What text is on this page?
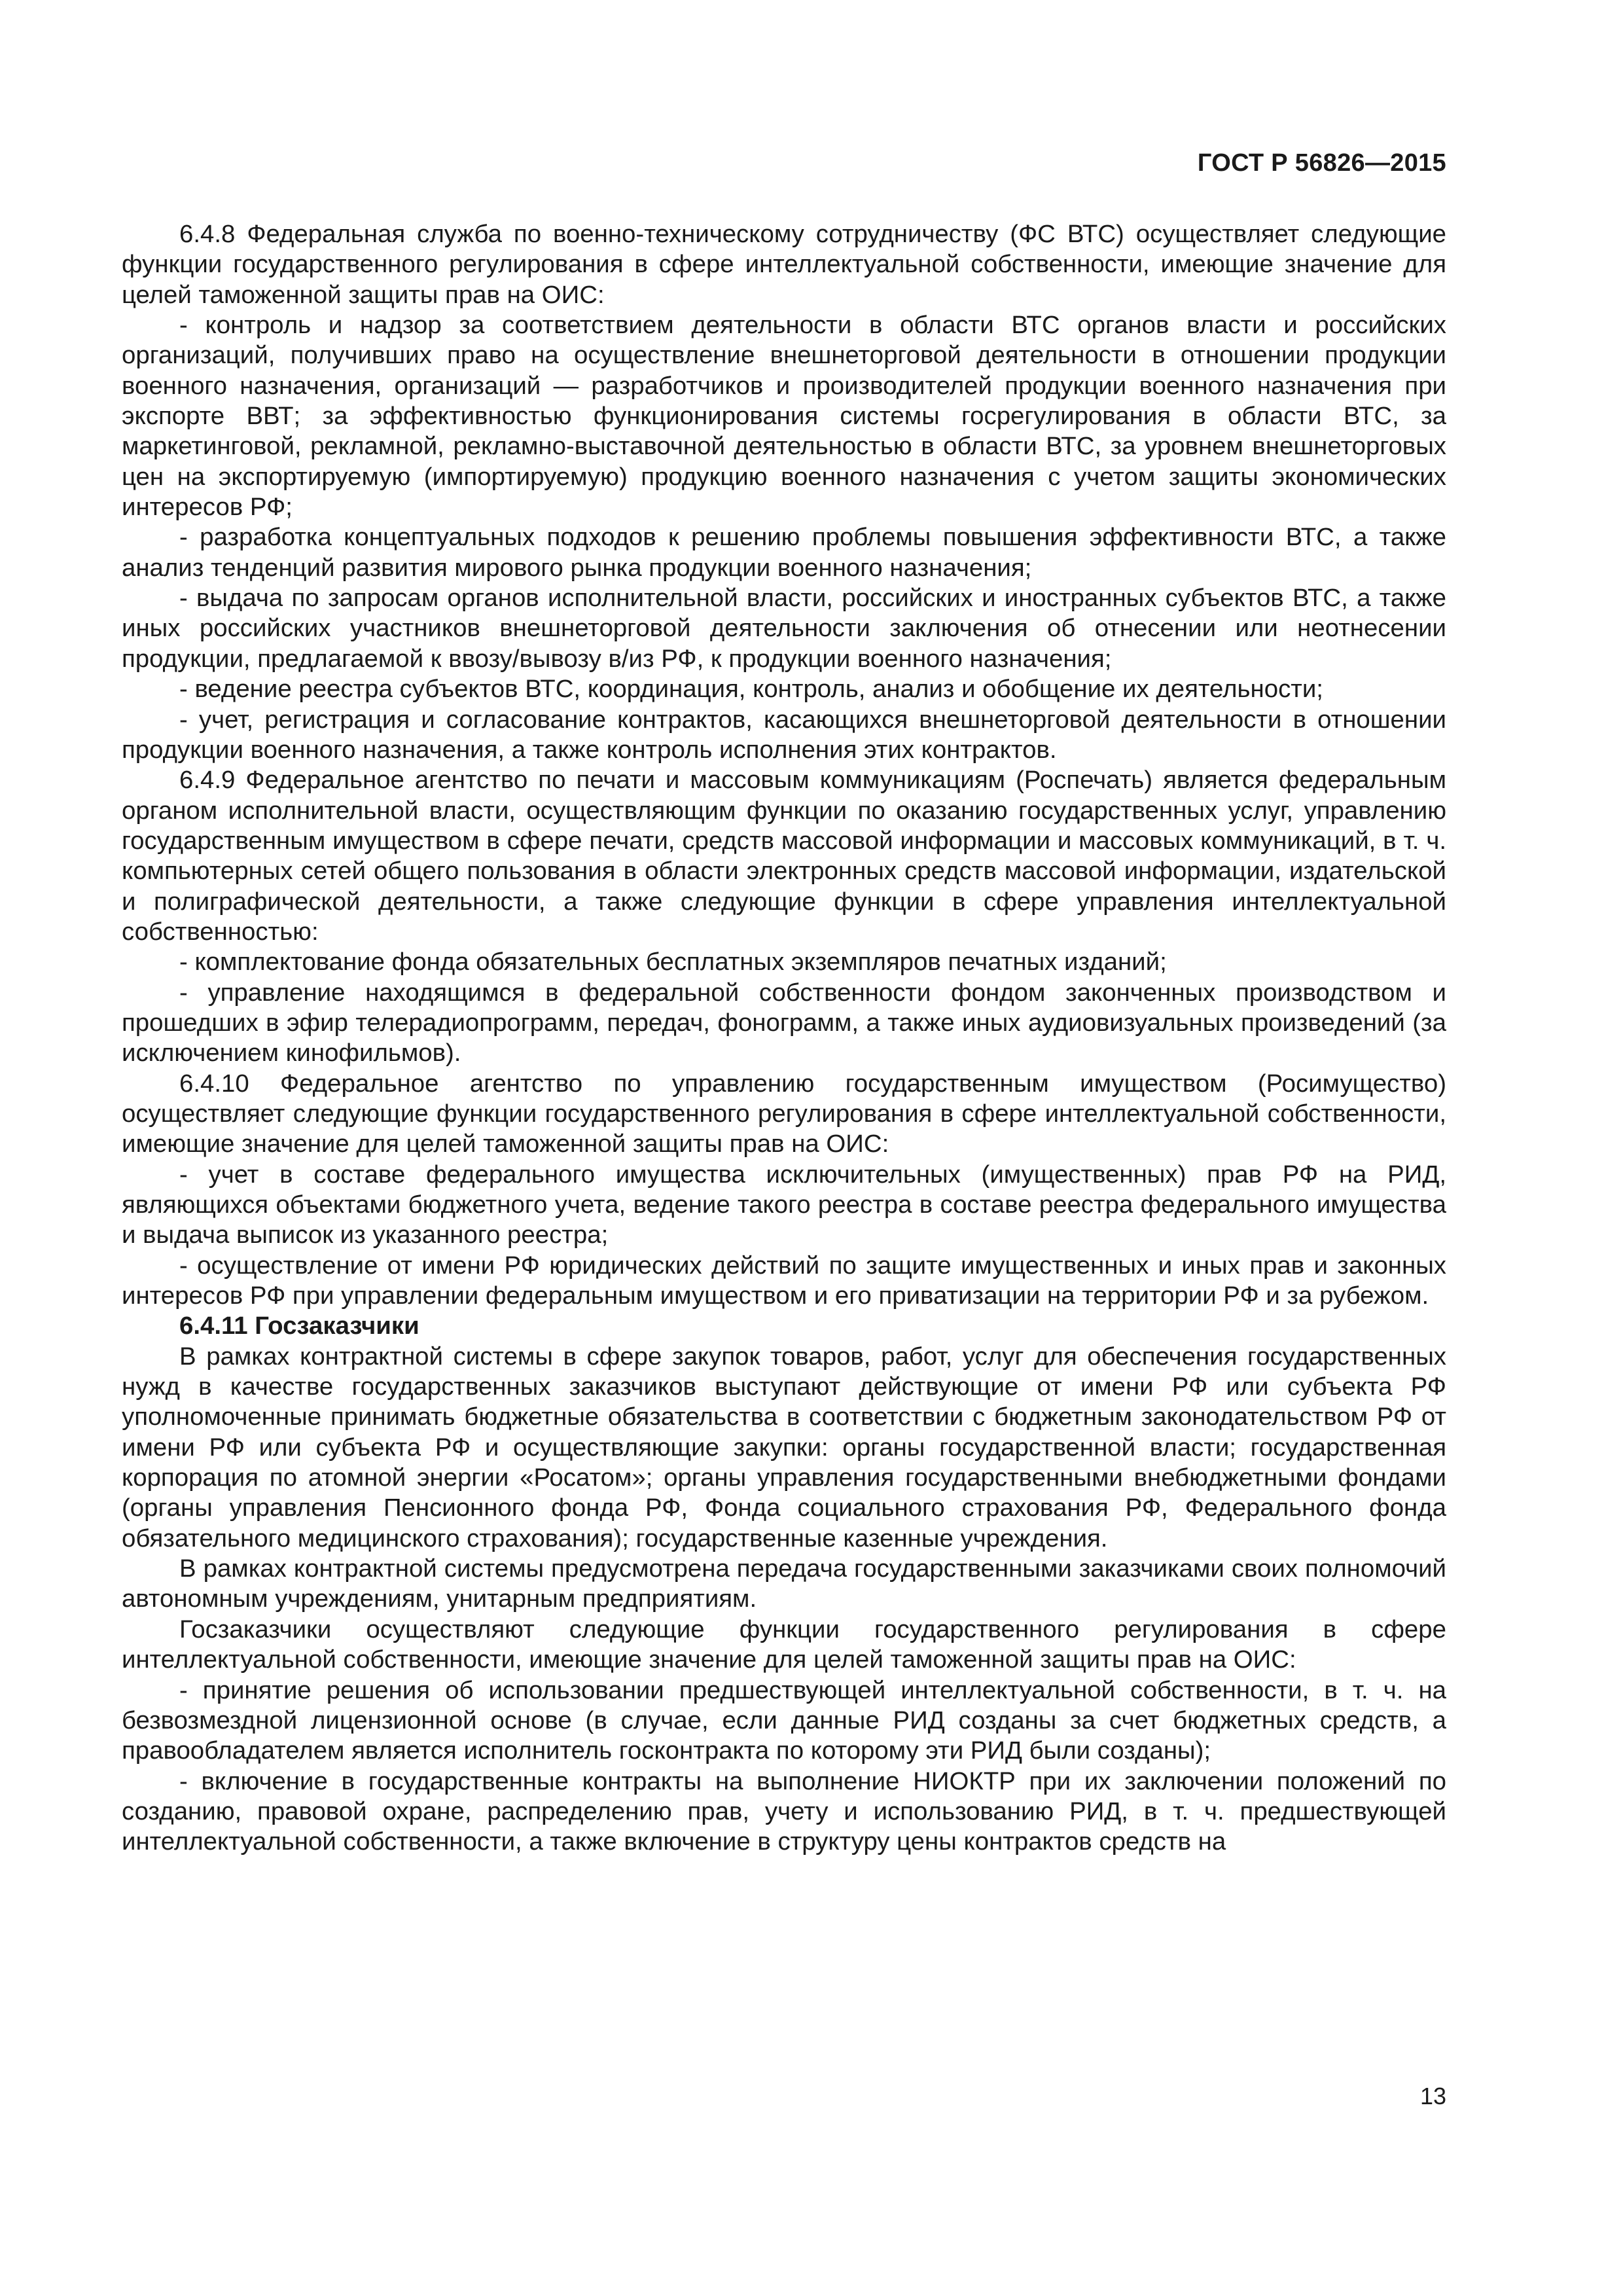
ГОСТ Р 56826—2015

6.4.8 Федеральная служба по военно-техническому сотрудничеству (ФС ВТС) осуществляет следующие функции государственного регулирования в сфере интеллектуальной собственности, имеющие значение для целей таможенной защиты прав на ОИС:

- контроль и надзор за соответствием деятельности в области ВТС органов власти и российских организаций, получивших право на осуществление внешнеторговой деятельности в отношении продукции военного назначения, организаций — разработчиков и производителей продукции военного назначения при экспорте ВВТ; за эффективностью функционирования системы госрегулирования в области ВТС, за маркетинговой, рекламной, рекламно-выставочной деятельностью в области ВТС, за уровнем внешнеторговых цен на экспортируемую (импортируемую) продукцию военного назначения с учетом защиты экономических интересов РФ;

- разработка концептуальных подходов к решению проблемы повышения эффективности ВТС, а также анализ тенденций развития мирового рынка продукции военного назначения;

- выдача по запросам органов исполнительной власти, российских и иностранных субъектов ВТС, а также иных российских участников внешнеторговой деятельности заключения об отнесении или неотнесении продукции, предлагаемой к ввозу/вывозу в/из РФ, к продукции военного назначения;

- ведение реестра субъектов ВТС, координация, контроль, анализ и обобщение их деятельности;

- учет, регистрация и согласование контрактов, касающихся внешнеторговой деятельности в отношении продукции военного назначения, а также контроль исполнения этих контрактов.

6.4.9 Федеральное агентство по печати и массовым коммуникациям (Роспечать) является федеральным органом исполнительной власти, осуществляющим функции по оказанию государственных услуг, управлению государственным имуществом в сфере печати, средств массовой информации и массовых коммуникаций, в т. ч. компьютерных сетей общего пользования в области электронных средств массовой информации, издательской и полиграфической деятельности, а также следующие функции в сфере управления интеллектуальной собственностью:

- комплектование фонда обязательных бесплатных экземпляров печатных изданий;

- управление находящимся в федеральной собственности фондом законченных производством и прошедших в эфир телерадиопрограмм, передач, фонограмм, а также иных аудиовизуальных произведений (за исключением кинофильмов).

6.4.10 Федеральное агентство по управлению государственным имуществом (Росимущество) осуществляет следующие функции государственного регулирования в сфере интеллектуальной собственности, имеющие значение для целей таможенной защиты прав на ОИС:

- учет в составе федерального имущества исключительных (имущественных) прав РФ на РИД, являющихся объектами бюджетного учета, ведение такого реестра в составе реестра федерального имущества и выдача выписок из указанного реестра;

- осуществление от имени РФ юридических действий по защите имущественных и иных прав и законных интересов РФ при управлении федеральным имуществом и его приватизации на территории РФ и за рубежом.

6.4.11 Госзаказчики

В рамках контрактной системы в сфере закупок товаров, работ, услуг для обеспечения государственных нужд в качестве государственных заказчиков выступают действующие от имени РФ или субъекта РФ уполномоченные принимать бюджетные обязательства в соответствии с бюджетным законодательством РФ от имени РФ или субъекта РФ и осуществляющие закупки: органы государственной власти; государственная корпорация по атомной энергии «Росатом»; органы управления государственными внебюджетными фондами (органы управления Пенсионного фонда РФ, Фонда социального страхования РФ, Федерального фонда обязательного медицинского страхования); государственные казенные учреждения.

В рамках контрактной системы предусмотрена передача государственными заказчиками своих полномочий автономным учреждениям, унитарным предприятиям.

Госзаказчики осуществляют следующие функции государственного регулирования в сфере интеллектуальной собственности, имеющие значение для целей таможенной защиты прав на ОИС:

- принятие решения об использовании предшествующей интеллектуальной собственности, в т. ч. на безвозмездной лицензионной основе (в случае, если данные РИД созданы за счет бюджетных средств, а правообладателем является исполнитель госконтракта по которому эти РИД были созданы);

- включение в государственные контракты на выполнение НИОКТР при их заключении положений по созданию, правовой охране, распределению прав, учету и использованию РИД, в т. ч. предшествующей интеллектуальной собственности, а также включение в структуру цены контрактов средств на

13
